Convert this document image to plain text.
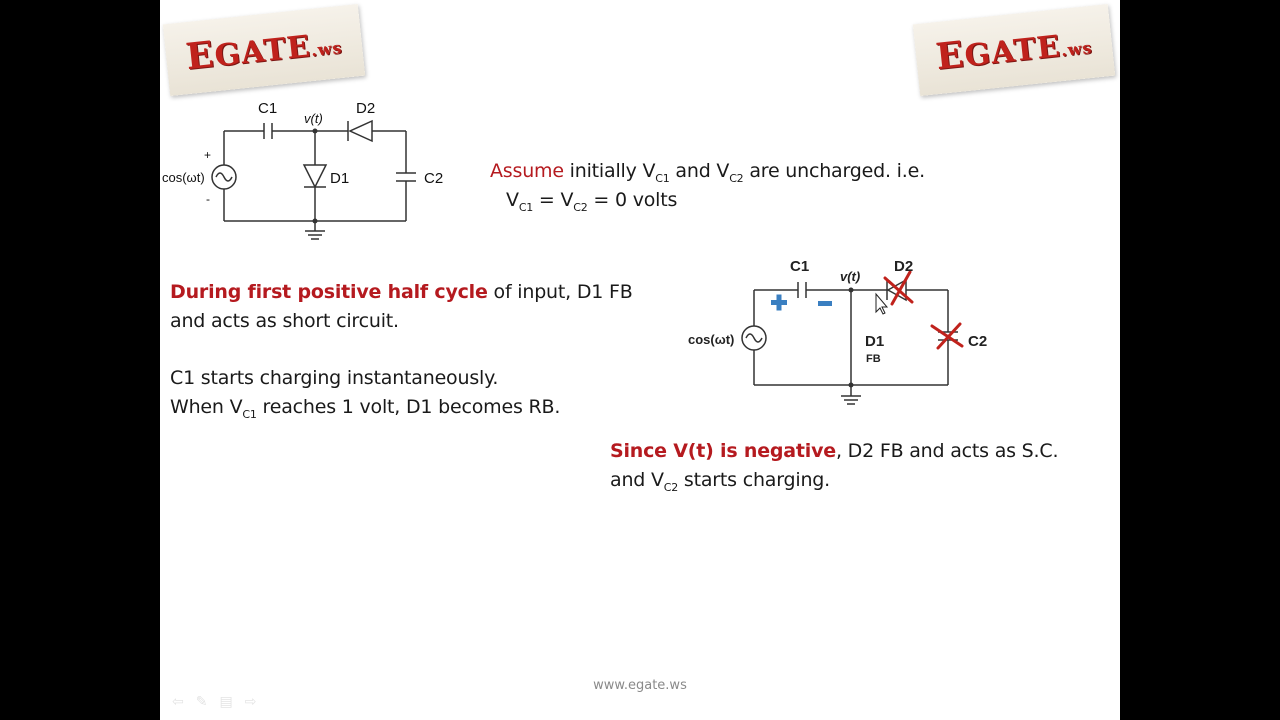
EGATE.ws	EGATE.ws
C1	D2
v(t)
D1	C2
cos(ωt)
+
-
Assume initially $V_{C1}$ and $V_{C2}$ are uncharged. i.e.
$V_{C1} = V_{C2} = 0$ volts
During first positive half cycle of input, D1 FB
and acts as short circuit.
C1 starts charging instantaneously.
When $V_{C1}$ reaches 1 volt, D1 becomes RB.
C1
v(t)
D2
D1
FB
C2
cos(ωt)
Since V(t) is negative, D2 FB and acts as S.C.
and $V_{C2}$ starts charging.
www.egate.ws
⇦✎▤⇨
